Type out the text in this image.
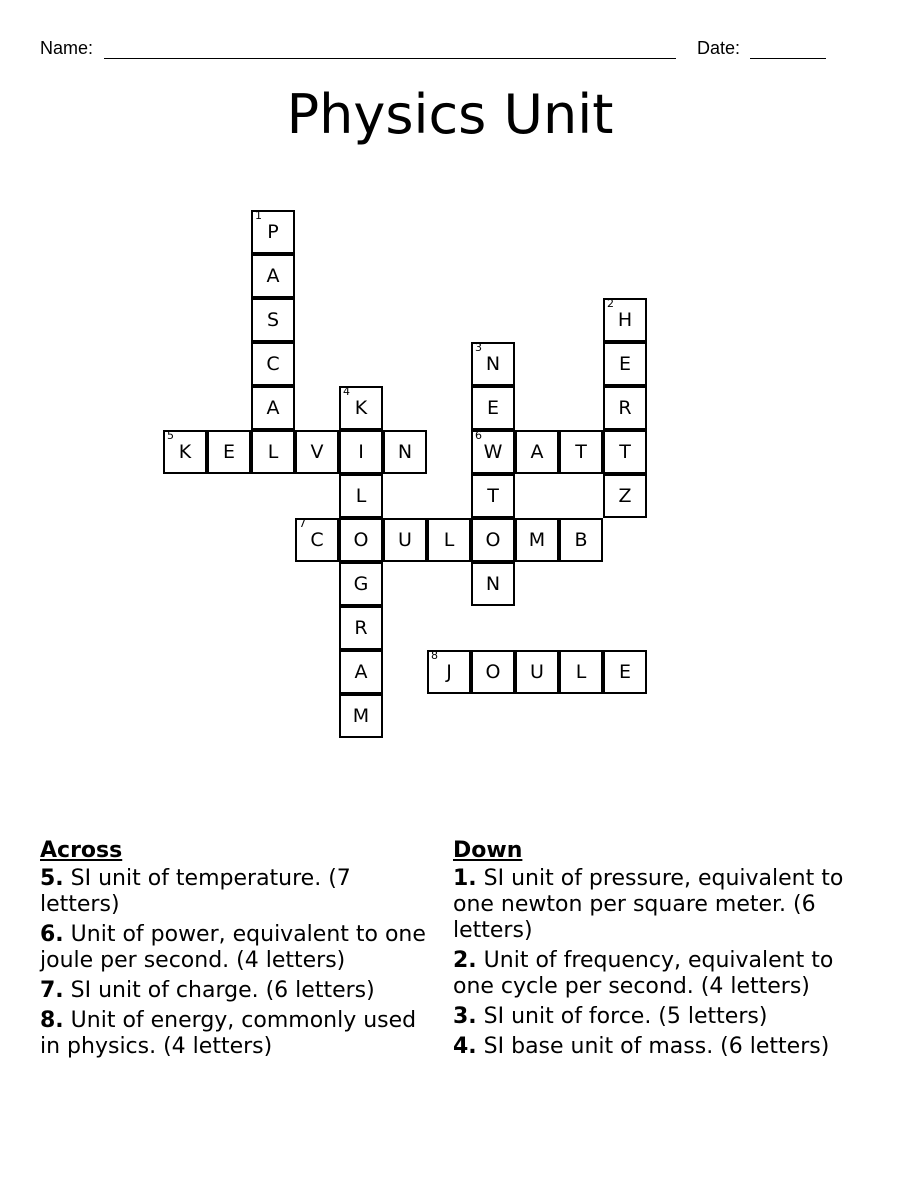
Name:	Date:
Physics Unit
1
P
A
S
C
A
L
5
K E	V I N
4
K
L
O
G
R
A
M
3
N
E
6
W
T
O
N
A T T
2
H
E
R
Z
7
C	U L	M B
8
J O U L E
Across
5. SI unit of temperature. (7 letters)
6. Unit of power, equivalent to one joule per second. (4 letters)
7. SI unit of charge. (6 letters)
8. Unit of energy, commonly used in physics. (4 letters)
Down
1. SI unit of pressure, equivalent to one newton per square meter. (6 letters)
2. Unit of frequency, equivalent to one cycle per second. (4 letters)
3. SI unit of force. (5 letters)
4. SI base unit of mass. (6 letters)
